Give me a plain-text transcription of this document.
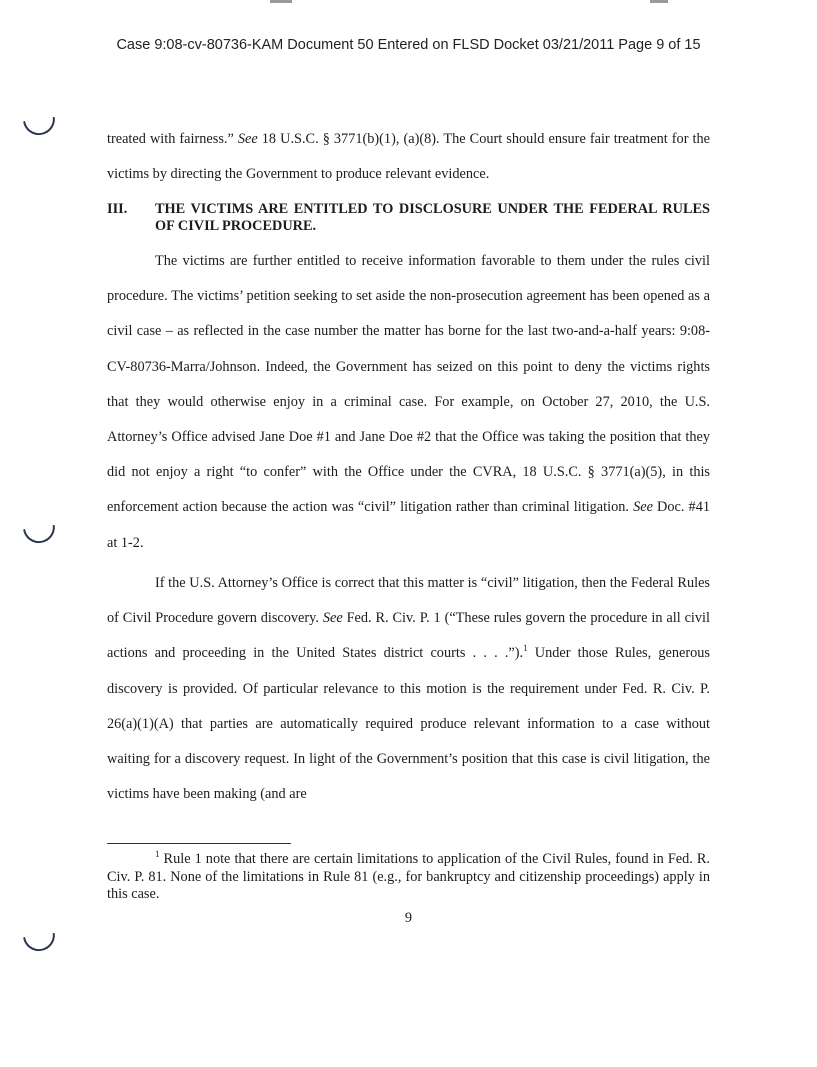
Case 9:08-cv-80736-KAM Document 50 Entered on FLSD Docket 03/21/2011 Page 9 of 15

treated with fairness.” See 18 U.S.C. § 3771(b)(1), (a)(8). The Court should ensure fair treatment for the victims by directing the Government to produce relevant evidence.

III.	THE VICTIMS ARE ENTITLED TO DISCLOSURE UNDER THE FEDERAL RULES OF CIVIL PROCEDURE.

The victims are further entitled to receive information favorable to them under the rules civil procedure. The victims’ petition seeking to set aside the non-prosecution agreement has been opened as a civil case – as reflected in the case number the matter has borne for the last two-and-a-half years: 9:08-CV-80736-Marra/Johnson. Indeed, the Government has seized on this point to deny the victims rights that they would otherwise enjoy in a criminal case. For example, on October 27, 2010, the U.S. Attorney’s Office advised Jane Doe #1 and Jane Doe #2 that the Office was taking the position that they did not enjoy a right “to confer” with the Office under the CVRA, 18 U.S.C. § 3771(a)(5), in this enforcement action because the action was “civil” litigation rather than criminal litigation. See Doc. #41 at 1-2.

If the U.S. Attorney’s Office is correct that this matter is “civil” litigation, then the Federal Rules of Civil Procedure govern discovery. See Fed. R. Civ. P. 1 (“These rules govern the procedure in all civil actions and proceeding in the United States district courts . . . .”).$^1$ Under those Rules, generous discovery is provided. Of particular relevance to this motion is the requirement under Fed. R. Civ. P. 26(a)(1)(A) that parties are automatically required produce relevant information to a case without waiting for a discovery request. In light of the Government’s position that this case is civil litigation, the victims have been making (and are

$^1$ Rule 1 note that there are certain limitations to application of the Civil Rules, found in Fed. R. Civ. P. 81. None of the limitations in Rule 81 (e.g., for bankruptcy and citizenship proceedings) apply in this case.
9
